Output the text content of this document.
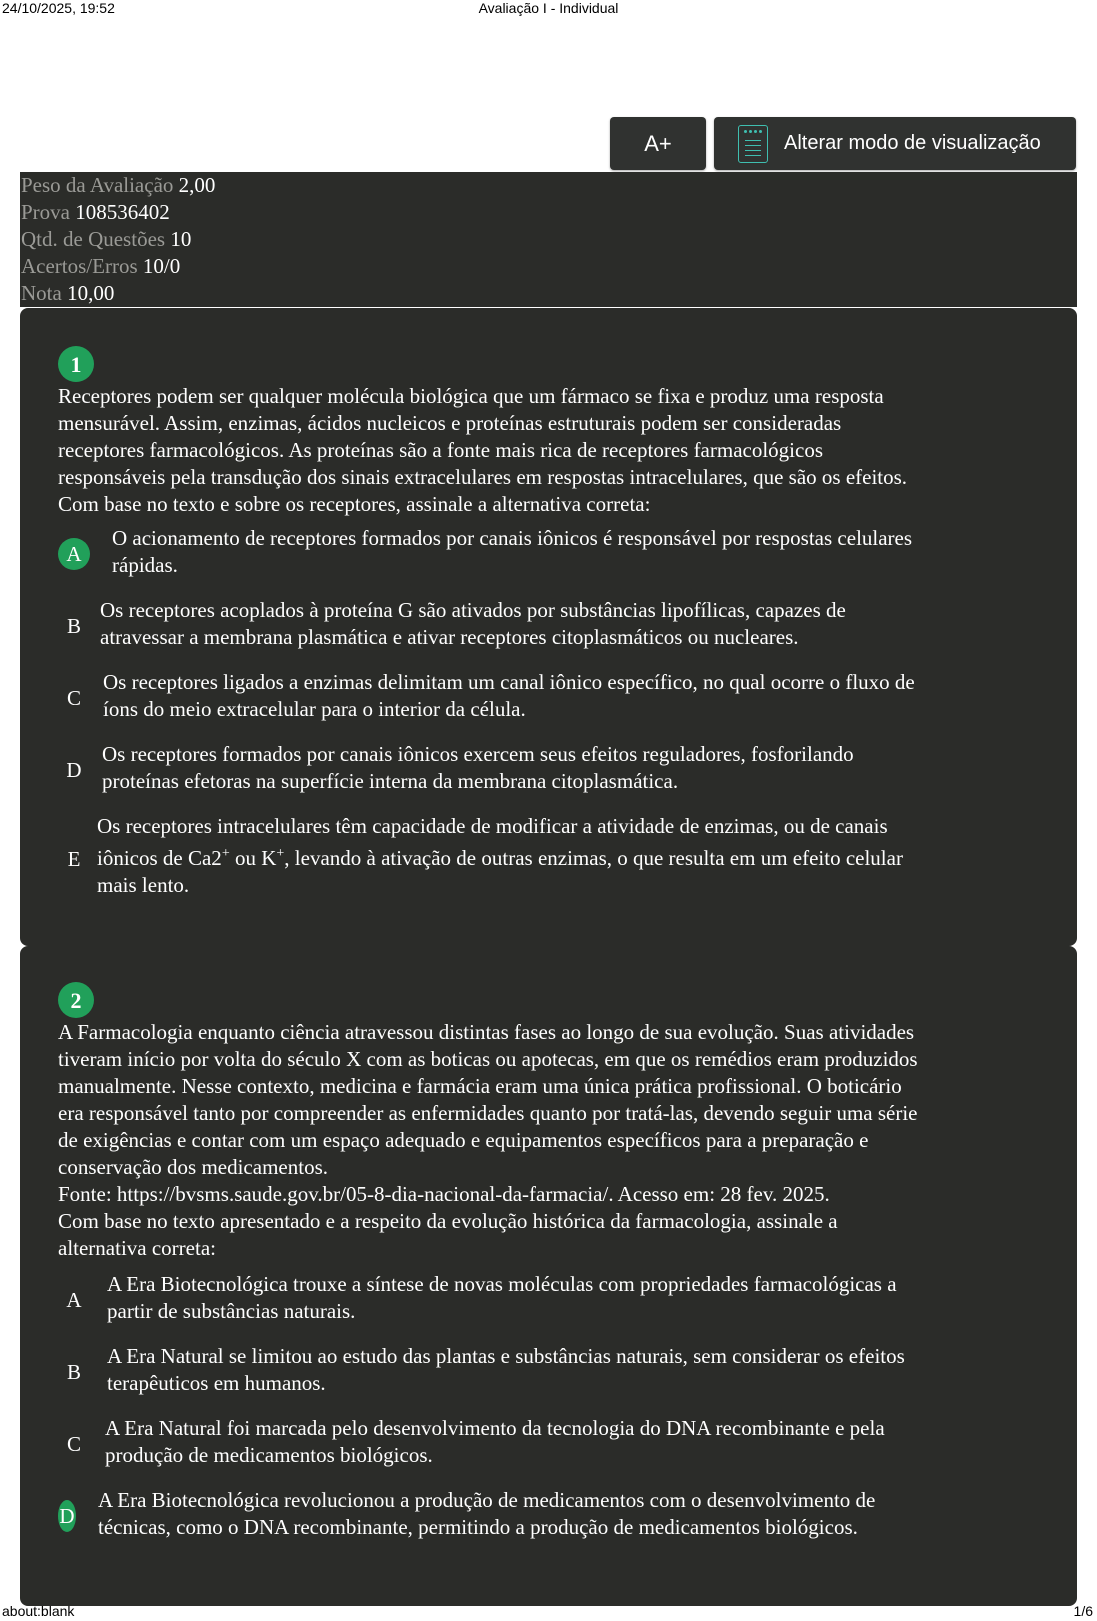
24/10/2025, 19:52	Avaliação I - Individual
A+	Alterar modo de visualização
Peso da Avaliação 2,00
Prova 108536402
Qtd. de Questões 10
Acertos/Erros 10/0
Nota 10,00
1
Receptores podem ser qualquer molécula biológica que um fármaco se fixa e produz uma resposta
mensurável. Assim, enzimas, ácidos nucleicos e proteínas estruturais podem ser consideradas
receptores farmacológicos. As proteínas são a fonte mais rica de receptores farmacológicos
responsáveis pela transdução dos sinais extracelulares em respostas intracelulares, que são os efeitos.
Com base no texto e sobre os receptores, assinale a alternativa correta:
A
O acionamento de receptores formados por canais iônicos é responsável por respostas celulares
rápidas.
B
Os receptores acoplados à proteína G são ativados por substâncias lipofílicas, capazes de
atravessar a membrana plasmática e ativar receptores citoplasmáticos ou nucleares.
C
Os receptores ligados a enzimas delimitam um canal iônico específico, no qual ocorre o fluxo de
íons do meio extracelular para o interior da célula.
D
Os receptores formados por canais iônicos exercem seus efeitos reguladores, fosforilando
proteínas efetoras na superfície interna da membrana citoplasmática.
E
Os receptores intracelulares têm capacidade de modificar a atividade de enzimas, ou de canais
iônicos de Ca2+ ou K+, levando à ativação de outras enzimas, o que resulta em um efeito celular
mais lento.
2
A Farmacologia enquanto ciência atravessou distintas fases ao longo de sua evolução. Suas atividades
tiveram início por volta do século X com as boticas ou apotecas, em que os remédios eram produzidos
manualmente. Nesse contexto, medicina e farmácia eram uma única prática profissional. O boticário
era responsável tanto por compreender as enfermidades quanto por tratá-las, devendo seguir uma série
de exigências e contar com um espaço adequado e equipamentos específicos para a preparação e
conservação dos medicamentos.
Fonte: https://bvsms.saude.gov.br/05-8-dia-nacional-da-farmacia/. Acesso em: 28 fev. 2025.
Com base no texto apresentado e a respeito da evolução histórica da farmacologia, assinale a
alternativa correta:
A
A Era Biotecnológica trouxe a síntese de novas moléculas com propriedades farmacológicas a
partir de substâncias naturais.
B
A Era Natural se limitou ao estudo das plantas e substâncias naturais, sem considerar os efeitos
terapêuticos em humanos.
C
A Era Natural foi marcada pelo desenvolvimento da tecnologia do DNA recombinante e pela
produção de medicamentos biológicos.
D
A Era Biotecnológica revolucionou a produção de medicamentos com o desenvolvimento de
técnicas, como o DNA recombinante, permitindo a produção de medicamentos biológicos.
about:blank	1/6
